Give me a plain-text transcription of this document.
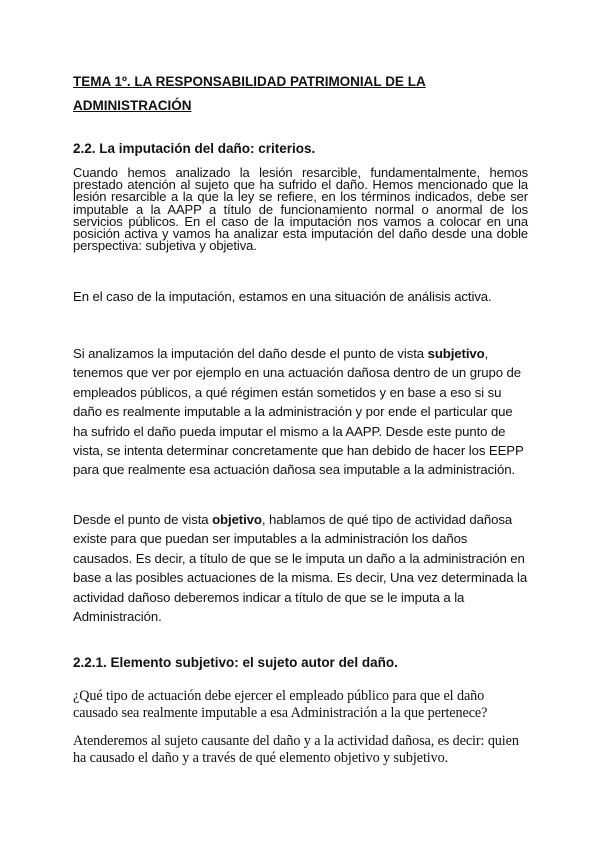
TEMA 1º. LA RESPONSABILIDAD PATRIMONIAL DE LA
ADMINISTRACIÓN

2.2. La imputación del daño: criterios.

Cuando hemos analizado la lesión resarcible, fundamentalmente, hemos prestado atención al sujeto que ha sufrido el daño. Hemos mencionado que la lesión resarcible a la que la ley se refiere, en los términos indicados, debe ser imputable a la AAPP a título de funcionamiento normal o anormal de los servicios públicos. En el caso de la imputación nos vamos a colocar en una posición activa y vamos ha analizar esta imputación del daño desde una doble perspectiva: subjetiva y objetiva.

En el caso de la imputación, estamos en una situación de análisis activa.

Si analizamos la imputación del daño desde el punto de vista subjetivo, tenemos que ver por ejemplo en una actuación dañosa dentro de un grupo de empleados públicos, a qué régimen están sometidos y en base a eso si su daño es realmente imputable a la administración y por ende el particular que ha sufrido el daño pueda imputar el mismo a la AAPP. Desde este punto de vista, se intenta determinar concretamente que han debido de hacer los EEPP para que realmente esa actuación dañosa sea imputable a la administración.

Desde el punto de vista objetivo, hablamos de qué tipo de actividad dañosa existe para que puedan ser imputables a la administración los daños causados. Es decir, a título de que se le imputa un daño a la administración en base a las posibles actuaciones de la misma. Es decir, Una vez determinada la actividad dañoso deberemos indicar a título de que se le imputa a la Administración.

2.2.1. Elemento subjetivo: el sujeto autor del daño.

¿Qué tipo de actuación debe ejercer el empleado público para que el daño causado sea realmente imputable a esa Administración a la que pertenece?

Atenderemos al sujeto causante del daño y a la actividad dañosa, es decir: quien ha causado el daño y a través de qué elemento objetivo y subjetivo.
